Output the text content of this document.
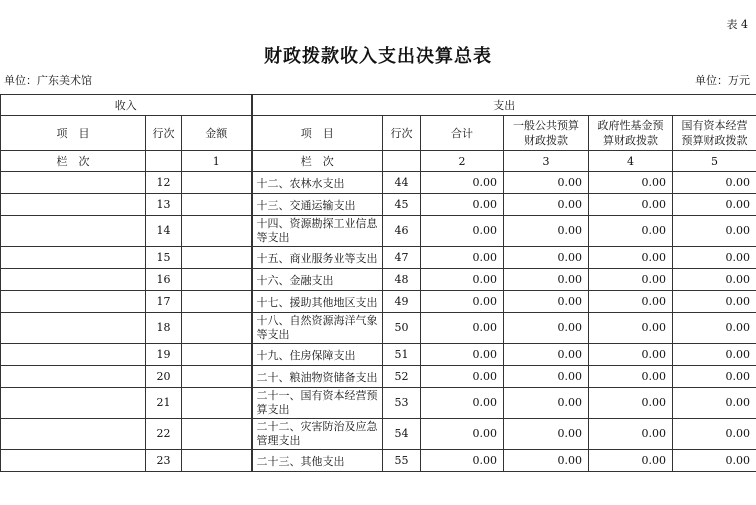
表 4
财政拨款收入支出决算总表
单位：广东美术馆	单位：万元
收入			支出					
项　目	行次	金额	项　目	行次	合计	一般公共预算财政拨款	政府性基金预算财政拨款	国有资本经营预算财政拨款
栏　次		1	栏　次		2	3	4	5
	12		十二、农林水支出	44	0.00	0.00	0.00	0.00
	13		十三、交通运输支出	45	0.00	0.00	0.00	0.00
	14		十四、资源勘探工业信息等支出	46	0.00	0.00	0.00	0.00
	15		十五、商业服务业等支出	47	0.00	0.00	0.00	0.00
	16		十六、金融支出	48	0.00	0.00	0.00	0.00
	17		十七、援助其他地区支出	49	0.00	0.00	0.00	0.00
	18		十八、自然资源海洋气象等支出	50	0.00	0.00	0.00	0.00
	19		十九、住房保障支出	51	0.00	0.00	0.00	0.00
	20		二十、粮油物资储备支出	52	0.00	0.00	0.00	0.00
	21		二十一、国有资本经营预算支出	53	0.00	0.00	0.00	0.00
	22		二十二、灾害防治及应急管理支出	54	0.00	0.00	0.00	0.00
	23		二十三、其他支出	55	0.00	0.00	0.00	0.00
